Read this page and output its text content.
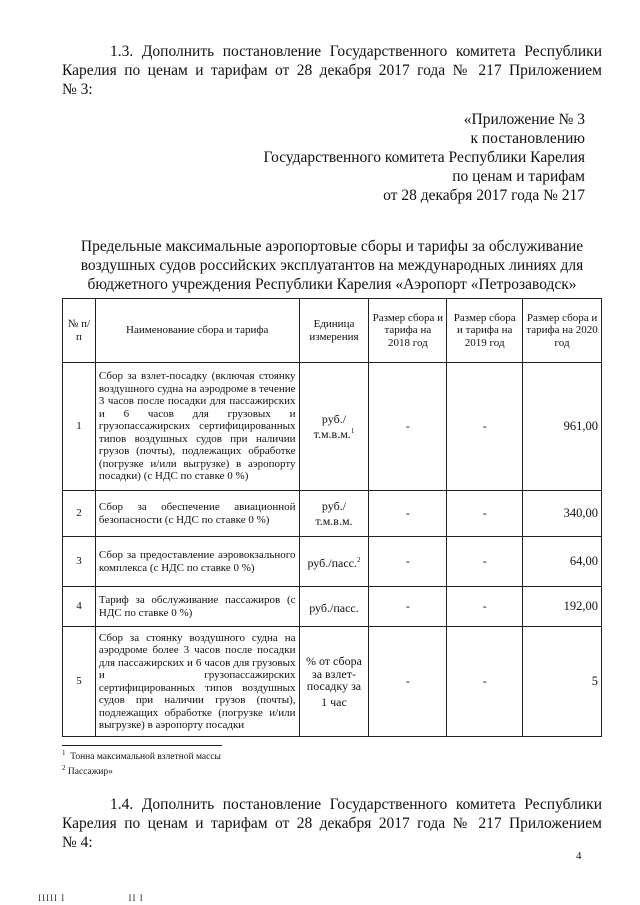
1.3. Дополнить постановление Государственного комитета Республики
Карелия по ценам и тарифам от 28 декабря 2017 года № 217 Приложением
№ 3:
«Приложение № 3
к постановлению
Государственного комитета Республики Карелия
по ценам и тарифам
от 28 декабря 2017 года № 217
Предельные максимальные аэропортовые сборы и тарифы за обслуживание
воздушных судов российских эксплуатантов на международных линиях для
бюджетного учреждения Республики Карелия «Аэропорт «Петрозаводск»
№ п/п	Наименование сбора и тарифа	Единица измерения	Размер сбора и тарифа на 2018 год	Размер сбора и тарифа на 2019 год	Размер сбора и тарифа на 2020 год
1	Сбор за взлет-посадку (включая стоянку воздушного судна на аэродроме в течение 3 часов после посадки для пассажирских и 6 часов для грузовых и грузопассажирских сертифицированных типов воздушных судов при наличии грузов (почты), подлежащих обработке (погрузке и/или выгрузке) в аэропорту посадки) (с НДС по ставке 0 %)	руб./ т.м.в.м.$^1$	-	-	961,00
2	Сбор за обеспечение авиационной безопасности (с НДС по ставке 0 %)	руб./ т.м.в.м.	-	-	340,00
3	Сбор за предоставление аэровокзального комплекса (с НДС по ставке 0 %)	руб./пасс.$^2$	-	-	64,00
4	Тариф за обслуживание пассажиров (с НДС по ставке 0 %)	руб./пасс.	-	-	192,00
5	Сбор за стоянку воздушного судна на аэродроме более 3 часов после посадки для пассажирских и 6 часов для грузовых и грузопассажирских сертифицированных типов воздушных судов при наличии грузов (почты), подлежащих обработке (погрузке и/или выгрузке) в аэропорту посадки	% от сбора за взлет-посадку за 1 час	-	-	5
$^1$ Тонна максимальной взлетной массы
$^2$ Пассажир»
1.4. Дополнить постановление Государственного комитета Республики
Карелия по ценам и тарифам от 28 декабря 2017 года № 217 Приложением
№ 4:
4
IIIII I	II I
